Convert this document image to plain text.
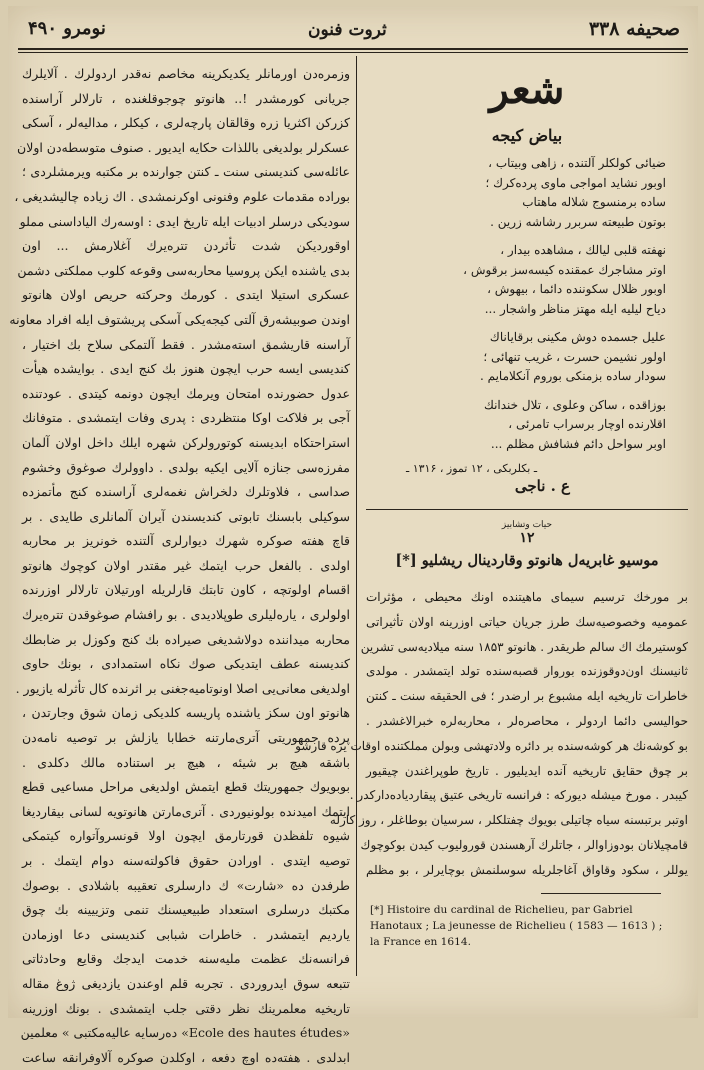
صحیفه ۳۳۸
ثروت فنون
نومرو ۴۹۰
وزمره‌دن اورمانلر یکدیکرینه مخاصم نه‌قدر اردولرك . آلایلرك
جریانی کورمشدر !.. هانوتو چوجوقلغنده ، تارلالر آراسنده
کزرکن اکثریا زره وقالقان پارچه‌لری ، کیکلر ، مدالیه‌لر ، آسکی
عسکرلر بولدیغی باللذات حکایه ایدیور . صنوف متوسطه‌دن اولان
عائله‌سی کندیسنی سنت ـ کنتن جوارنده بر مکتبه ویرمشلردی ؛
بوراده مقدمات علوم وفنونی اوکرنمشدی . اك زیاده چالیشدیغی ،
سودیکی درسلر ادبیات ایله تاریخ ایدی : اوسه‌رك الیاداسنی مملو
اوقوردیکن شدت تأثردن تتره‌یرك آغلارمش ... اون
بدی یاشنده ایکن پروسیا محاربه‌سی وقوعه کلوب مملکتی دشمن
عسکری استیلا ایتدی . کورمك وحرکته حریص اولان هانوتو
اوندن صوبیشه‌رق آلتی کیجه‌یکی آسکی پریشتوف ایله افراد معاونه
آراسنه قاریشمق استه‌مشدر . فقط آلتمکی سلاح بك اختیار ،
کندیسی ایسه حرب ایچون هنوز بك کنج ایدی . بوایشده هیأت
عدول حضورنده امتحان ویرمك ایچون دونمه کیتدی . عودتنده
آجی بر فلاکت اوکا منتظردی : پدری وفات ایتمشدی . متوفانك
استراحتکاه ابدیسنه کوتورولرکن شهره ایلك داخل اولان آلمان
مفرزه‌سی جنازه آلایی ایکیه بولدی . داوولرك صوغوق وخشوم
صداسی ، فلاوتلرك دلخراش نغمه‌لری آراسنده کنج مأتمزده
سوکیلی بابسنك تابوتی کندیسندن آیران آلمانلری طایدی . بر
قاچ هفته صوکره شهرك دیوارلری آلتنده خونریز بر محاربه
اولدی . بالفعل حرب ایتمك غیر مقتدر اولان کوچوك هانوتو
اقسام اولوتچه ، کاون تابتك قارلریله اورتیلان تارلالر اوزرنده
اولولری ، یاره‌لیلری طوپلادیدی . بو رافشام صوغوقدن تتره‌یرك
محاربه میداننده دولاشدیغی صیراده بك کنج وکوزل بر ضابطك
کندیسنه عطف ایتدیکی صوك نکاه استمدادی ، بونك حاوی
اولدیغی معانی‌یی اصلا اونوتامیه‌جغنی بر اثرنده کال تأثرله یازیور .
هانوتو اون سکز یاشنده پاریسه کلدیکی زمان شوق وجارتدن ،
پرده جمهوریتی آتری‌مارتنه خطابا یازلش بر توصیه نامه‌دن
باشقه هیچ بر شیئه ، هیچ بر استناده مالك دکلدی .
بوبویوك جمهوریتك قطع ایتمش اولدیغی مراحل مساعیی قطع
ایتمك امیدنده بولونیوردی . آتری‌مارتن هانوتو‌یه لسانی بیقاردیغا
شیوه تلفظدن قورتارمق ایچون اولا قونسروآتواره کیتمکی
توصیه ایتدی . اورادن حقوق فاکولته‌سنه دوام ایتمك . بر
طرفدن ده «شارت» ك دارسلری تعقیبه باشلادی . بوصوك
مکتبك درسلری استعداد طبیعیسنك تنمی وتزییینه بك چوق
یاردیم ایتمشدر . خاطرات شبابی کندیسنی دعا اوزمادن
فرانسه‌نك عظمت ملیه‌سنه خدمت ایدجك وقایع وحادثاتی
تتبعه سوق ایدروردی . تجربه قلم اوعندن یازدیغی ژوغ مقاله‌
تاریخیه معلمرینك نظر دقتی جلب ایتمشدی . بونك اوزرینه
«Ecole des hautes études» ده‌رسایه عالیه‌مکتبی » معلمین
ابدلدی . هفته‌ده اوچ دفعه ، اوکلدن صوکره آلاوفرانقه ساعت
شعر
بیاض کیجه
ضیائی کولکلر آلتنده ، زاهی وبیتاب ،
اوبور نشاید امواجی ماوی پرده‌کرك ؛
ساده برمنسوج شلاله ماهتاب
بوتون طبیعته سربرر رشاشه زرین .
نهفته قلبی لیالك ، مشاهده بیدار ،
اوتر مشاجرك عمقنده کیسه‌سز برقوش ،
اوبور ظلال سکوننده دائما ، بیهوش ،
دیاح لیلیه ایله مهتز مناظر واشجار ...
علیل جسمده دوش مکینی برقایاناك
اولور نشیمن حسرت ، غریب تنهائی ؛
سودار ساده بزمنکی بوروم آنکلامایم .
بوزاقده ، ساکن وعلوی ، تلال خندانك
اقلارنده اوچار برسراب تامرئی ،
اوبر سواحل دائم فشافش مظلم ...
ـ بکلربکی ، ۱۲ تموز ، ۱۳۱۶ ـ
ع . ناجی
حیات وتشابیز
۱۲
موسیو غابریه‌ل هانوتو وقاردینال ریشلیو [*]
بر مورخك ترسیم سیمای ماهیتنده اونك محیطی ، مؤثرات
عمومیه وخصوصیه‌سك طرز جریان حیاتی اوزرینه اولان تأثیراتی
کوستیرمك اك سالم طریقدر . هانوتو ۱۸۵۳ سنه میلادیه‌سی تشرین
ثانیسنك اون‌دوقوزنده بوروار قصبه‌سنده تولد ایتمشدر . مولدی
خاطرات تاریخیه ایله مشبوع بر ارضدر ؛ فی الحقیقه سنت ـ کنتن
حوالیسی دائما اردولر ، محاصره‌لر ، محاربه‌لره خبرالا‌غشدر .
بو کوشه‌نك هر کوشه‌سنده بر دائره ولادتهشی وبولن مملکتنده اوقات یره قارشو
بر چوق حقایق تاریخیه آنده ایدیلیور . تاریخ طوپراغندن چیقیور
کیبدر . مورخ میشله دیورکه : فرانسه تاریخی عتیق پیقاردیاده‌دارکدر .
اوتبر برتبسنه سیاه چاتیلی بویوك چفتلکلر ، سرسیان بوطاغلر ، روز کارله
قامچیلانان بودوزاوالر ، جاتلرك آرهسندن قورولیوب کیدن بوکوچوك
یوللر ، سکود وقاواق آغاجلریله سوسلنمش بوچایرلر ، بو مظلم
[*] Histoire du cardinal de Richelieu, par Gabriel
Hanotaux ; La jeunesse de Richelieu ( 1583 — 1613 ) ;
la France en 1614.
